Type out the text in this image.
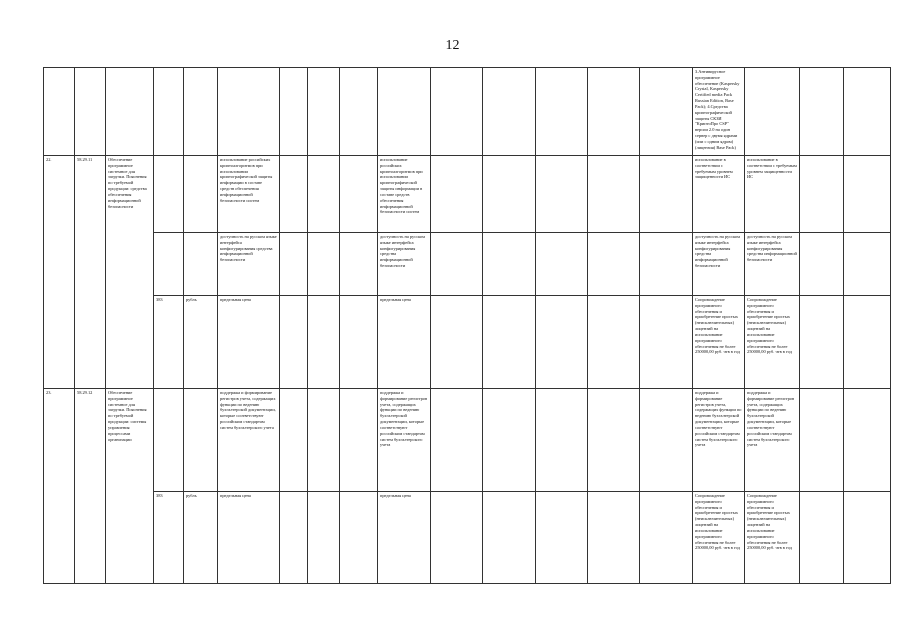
12

															3.Антивирусное программное обеспечение (Kaspersky Crystal, Kaspersky Certified media Pack Russian Edition, Base Pack); 4.Средства криптографической защиты СКЗИ "КриптоПро CSP" версии 2.0 на один сервер с двумя ядрами (или с одним ядром) (лицензия) Base Pack)			

22.	58.29.11	Обеспечение программное системное для загрузки. Пояснения по требуемой продукции: средства обеспечения информационной безопасности			использование российских криптоалгоритмов при использовании криптографической защиты информации в составе средств обеспечения информационной безопасности систем				использование российских криптоалгоритмов при использовании криптографической защиты информации в составе средств обеспечения информационной безопасности систем						использование в соответствии с требуемым уровнем защищенности ИС	использование в соответствии с требуемым уровнем защищенности ИС		

					доступность на русском языке интерфейса конфигурирования средства информационной безопасности				доступность на русском языке интерфейса конфигурирования средства информационной безопасности						доступность на русском языке интерфейса конфигурирования средства информационной безопасности	доступность на русском языке интерфейса конфигурирования средства информационной безопасности		

			383	рубль	предельная цена				предельная цена						Сопровождение программного обеспечения и приобретение простых (неисключительных) лицензий на использование программного обеспечения не более 250000,00 руб. чтв в год	Сопровождение программного обеспечения и приобретение простых (неисключительных) лицензий на использование программного обеспечения не более 250000,00 руб. чтв в год		

23.	58.29.12	Обеспечение программное системное для загрузки. Пояснения по требуемой продукции: системы управления процессами организации			поддержка и формирование регистров учета, содержащих функции по ведению бухгалтерской документации, которые соответствуют российским стандартам систем бухгалтерского учета				поддержка и формирование регистров учета, содержащих функции по ведению бухгалтерской документации, которые соответствуют российским стандартам систем бухгалтерского учета						поддержка и формирование регистров учета, содержащих функции по ведению бухгалтерской документации, которые соответствуют российским стандартам систем бухгалтерского учета	поддержка и формирование регистров учета, содержащих функции по ведению бухгалтерской документации, которые соответствуют российским стандартам систем бухгалтерского учета		

			383	рубль	предельная цена				предельная цена						Сопровождение программного обеспечения и приобретение простых (неисключительных) лицензий на использование программного обеспечения не более 250000,00 руб. чтв в год	Сопровождение программного обеспечения и приобретение простых (неисключительных) лицензий на использование программного обеспечения не более 250000,00 руб. чтв в год		
